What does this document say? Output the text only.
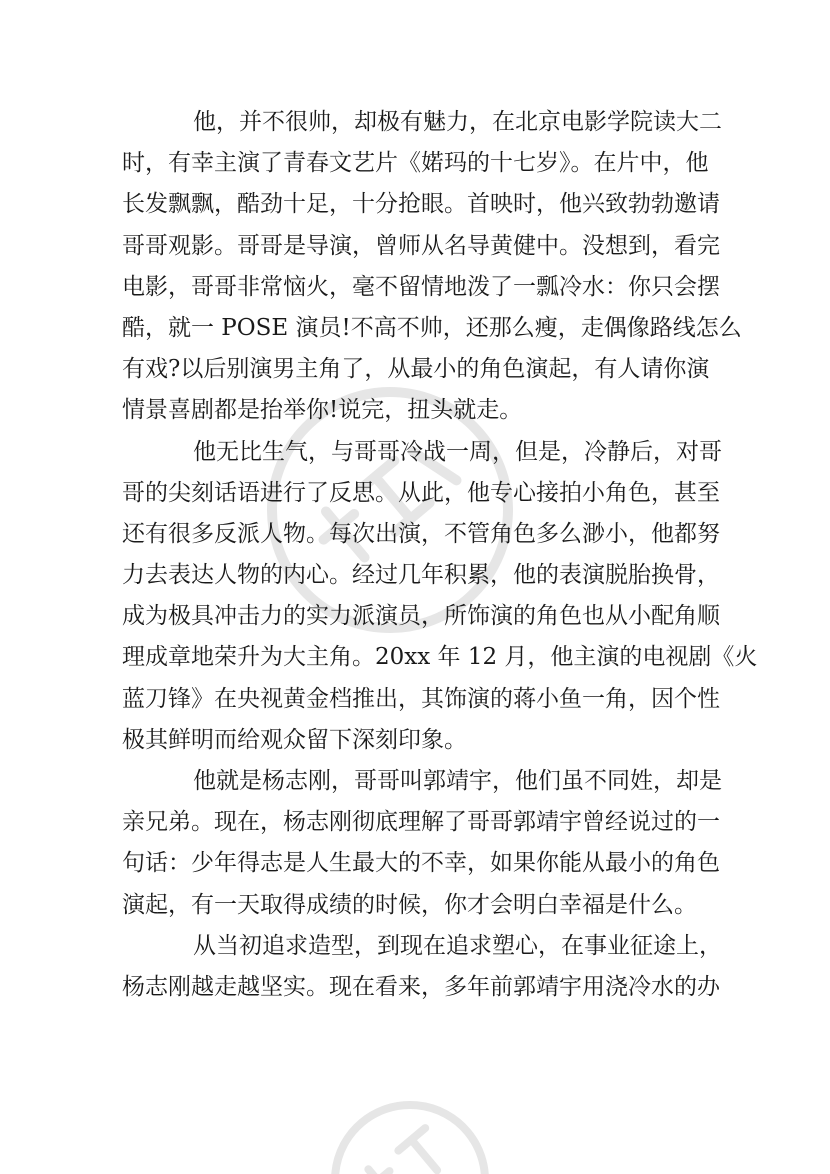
他，并不很帅，却极有魅力，在北京电影学院读大二
时，有幸主演了青春文艺片《婼玛的十七岁》。在片中，他
长发飘飘，酷劲十足，十分抢眼。首映时，他兴致勃勃邀请
哥哥观影。哥哥是导演，曾师从名导黄健中。没想到，看完
电影，哥哥非常恼火，毫不留情地泼了一瓢冷水：你只会摆
酷，就一 POSE 演员!不高不帅，还那么瘦，走偶像路线怎么
有戏?以后别演男主角了，从最小的角色演起，有人请你演
情景喜剧都是抬举你!说完，扭头就走。
他无比生气，与哥哥冷战一周，但是，冷静后，对哥
哥的尖刻话语进行了反思。从此，他专心接拍小角色，甚至
还有很多反派人物。每次出演，不管角色多么渺小，他都努
力去表达人物的内心。经过几年积累，他的表演脱胎换骨，
成为极具冲击力的实力派演员，所饰演的角色也从小配角顺
理成章地荣升为大主角。20xx 年 12 月，他主演的电视剧《火
蓝刀锋》在央视黄金档推出，其饰演的蒋小鱼一角，因个性
极其鲜明而给观众留下深刻印象。
他就是杨志刚，哥哥叫郭靖宇，他们虽不同姓，却是
亲兄弟。现在，杨志刚彻底理解了哥哥郭靖宇曾经说过的一
句话：少年得志是人生最大的不幸，如果你能从最小的角色
演起，有一天取得成绩的时候，你才会明白幸福是什么。
从当初追求造型，到现在追求塑心，在事业征途上，
杨志刚越走越坚实。现在看来，多年前郭靖宇用浇冷水的办
